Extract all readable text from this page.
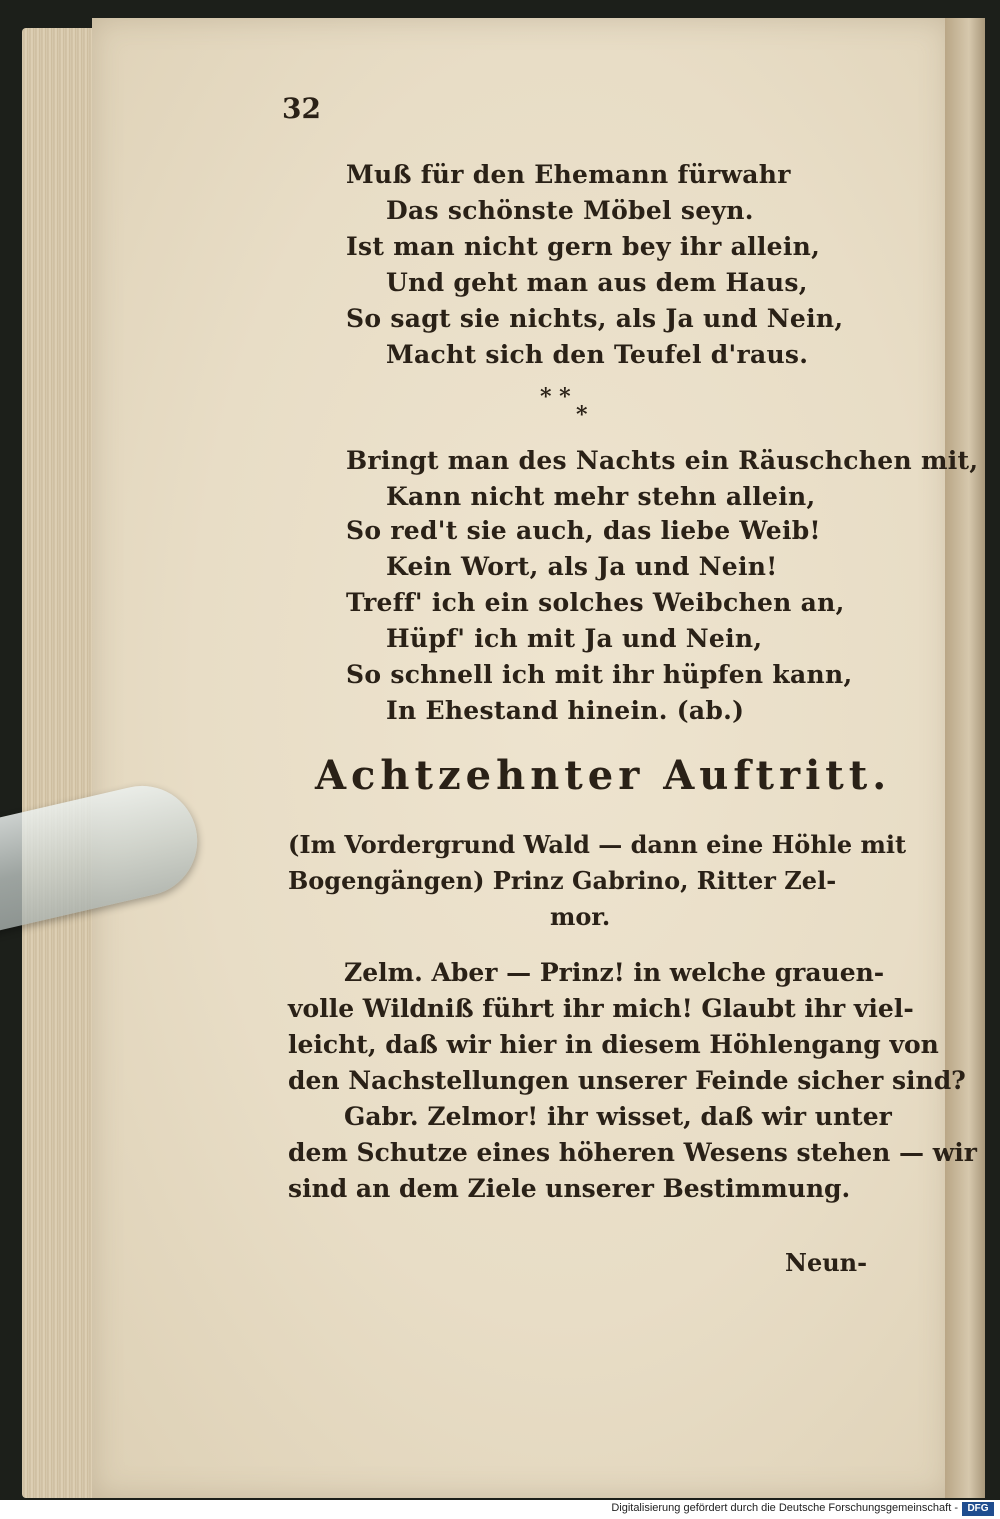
32
Muß für den Ehemann fürwahr
Das schönste Möbel seyn.
Ist man nicht gern bey ihr allein,
Und geht man aus dem Haus,
So sagt sie nichts, als Ja und Nein,
Macht sich den Teufel d'raus.
* *
*
Bringt man des Nachts ein Räuschchen mit,
Kann nicht mehr stehn allein,
So red't sie auch, das liebe Weib!
Kein Wort, als Ja und Nein!
Treff' ich ein solches Weibchen an,
Hüpf' ich mit Ja und Nein,
So schnell ich mit ihr hüpfen kann,
In Ehestand hinein. (ab.)
Achtzehnter Auftritt.
(Im Vordergrund Wald — dann eine Höhle mit
Bogengängen) Prinz Gabrino, Ritter Zel-
mor.
Zelm. Aber — Prinz! in welche grauen-
volle Wildniß führt ihr mich! Glaubt ihr viel-
leicht, daß wir hier in diesem Höhlengang von
den Nachstellungen unserer Feinde sicher sind?
Gabr. Zelmor! ihr wisset, daß wir unter
dem Schutze eines höheren Wesens stehen — wir
sind an dem Ziele unserer Bestimmung.
Neun-
Digitalisierung gefördert durch die Deutsche Forschungsgemeinschaft - DFG
